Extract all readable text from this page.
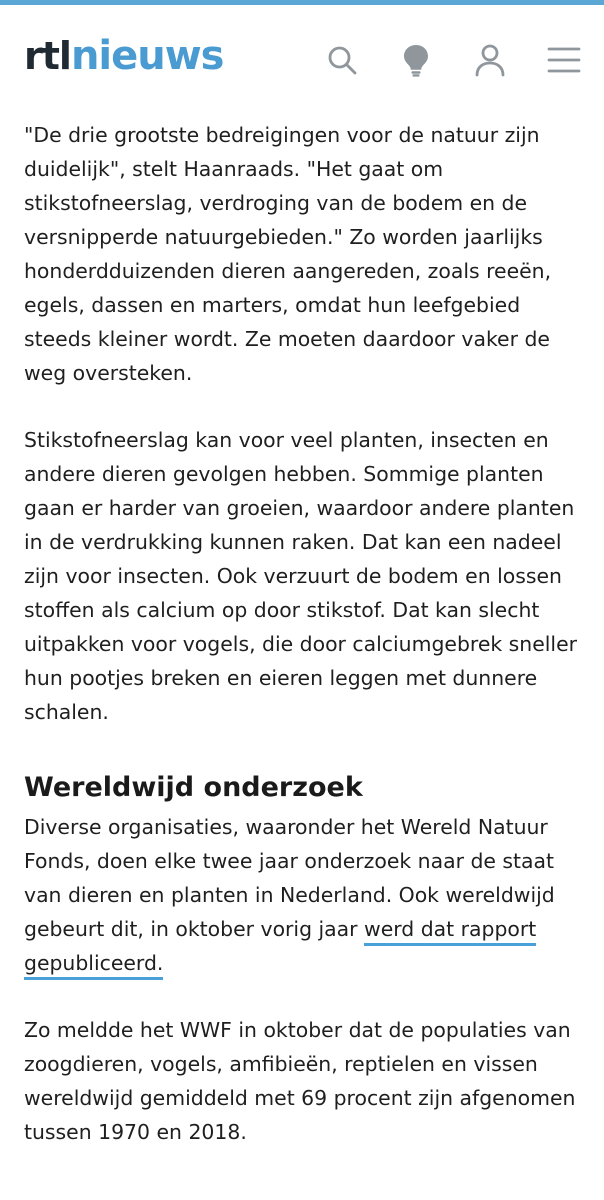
rtl nieuws

"De drie grootste bedreigingen voor de natuur zijn duidelijk", stelt Haanraads. "Het gaat om stikstofneerslag, verdroging van de bodem en de versnipperde natuurgebieden." Zo worden jaarlijks honderdduizenden dieren aangereden, zoals reeën, egels, dassen en marters, omdat hun leefgebied steeds kleiner wordt. Ze moeten daardoor vaker de weg oversteken.

Stikstofneerslag kan voor veel planten, insecten en andere dieren gevolgen hebben. Sommige planten gaan er harder van groeien, waardoor andere planten in de verdrukking kunnen raken. Dat kan een nadeel zijn voor insecten. Ook verzuurt de bodem en lossen stoffen als calcium op door stikstof. Dat kan slecht uitpakken voor vogels, die door calciumgebrek sneller hun pootjes breken en eieren leggen met dunnere schalen.

Wereldwijd onderzoek

Diverse organisaties, waaronder het Wereld Natuur Fonds, doen elke twee jaar onderzoek naar de staat van dieren en planten in Nederland. Ook wereldwijd gebeurt dit, in oktober vorig jaar werd dat rapport gepubliceerd.

Zo meldde het WWF in oktober dat de populaties van zoogdieren, vogels, amfibieën, reptielen en vissen wereldwijd gemiddeld met 69 procent zijn afgenomen tussen 1970 en 2018.
